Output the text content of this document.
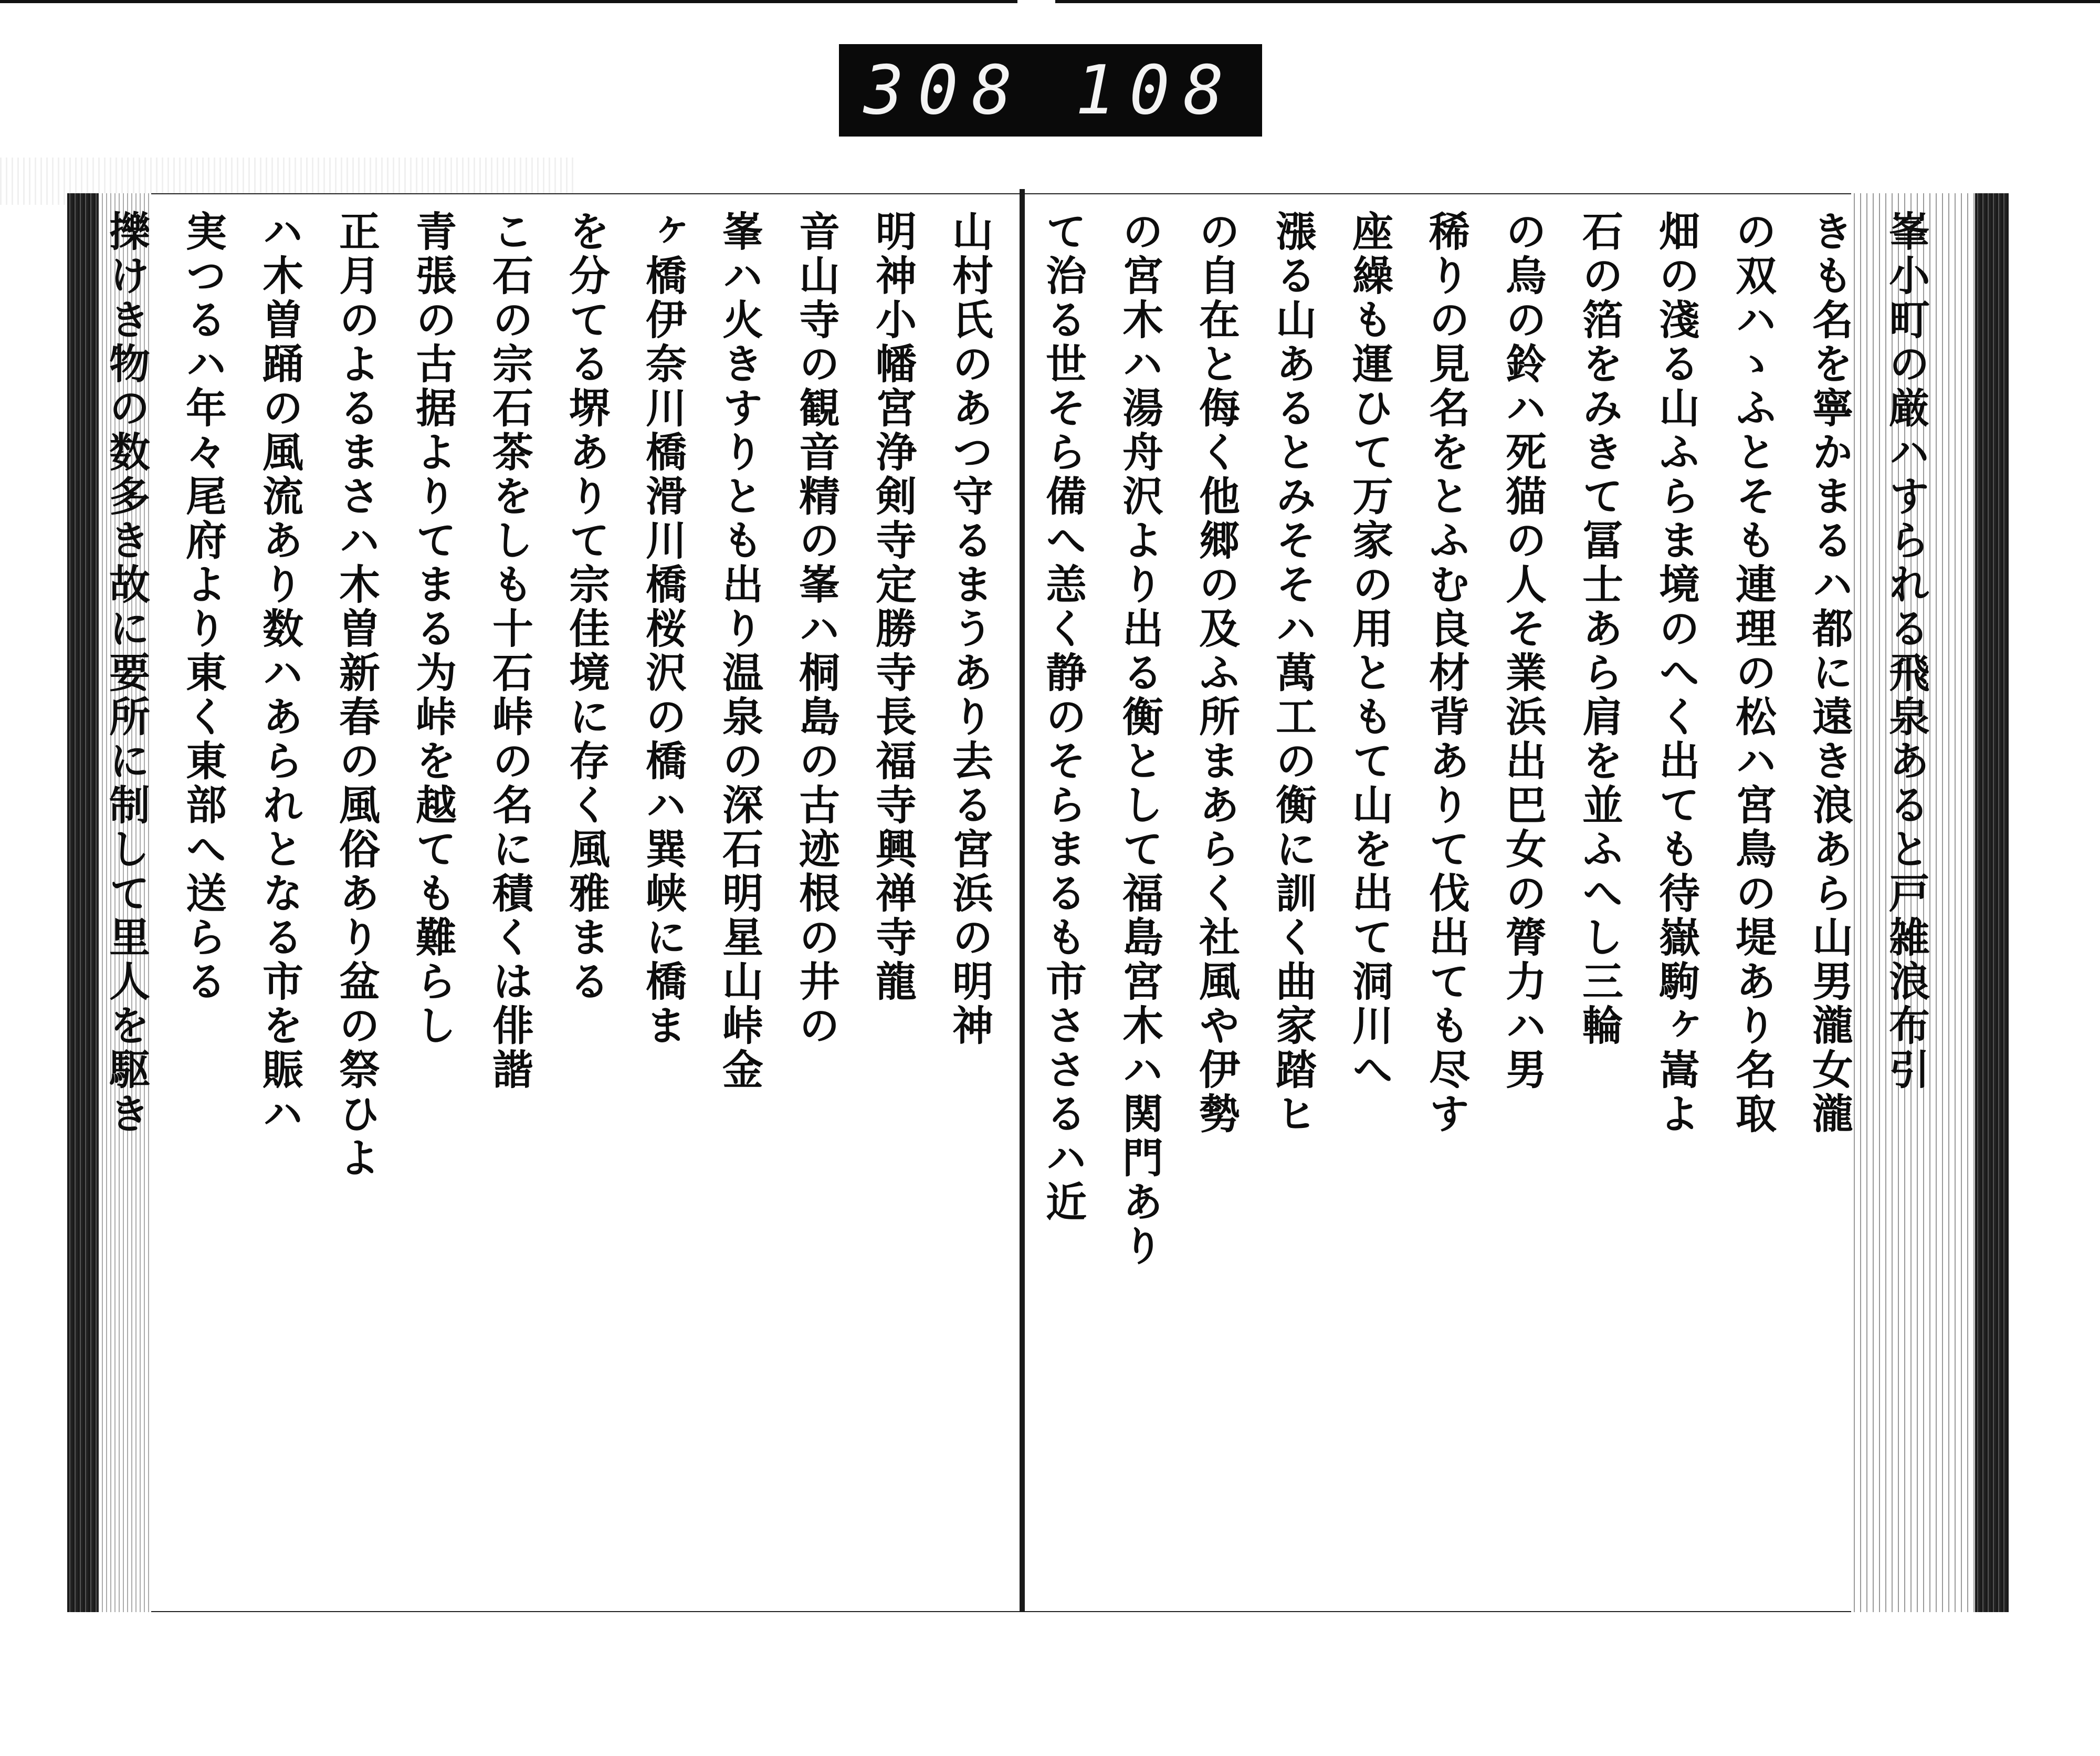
308 108
峯小町の厳ハすられる飛泉あると戸雑浪布引
きも名を寧かまるハ都に遠き浪あら山男瀧女瀧
の双ハゝふとそも連理の松ハ宮鳥の堤あり名取
畑の淺る山ふらま境のへく出ても待嶽駒ヶ嵩よ
石の箔をみきて冨士あら肩を並ふへし三輪
の烏の鈴ハ死猫の人そ業浜出巴女の膂力ハ男
稀りの見名をとふむ良材背ありて伐出ても尽す
座繰も運ひて万家の用ともて山を出て洞川へ
漲る山あるとみそそハ萬工の衡に訓く曲家踏ヒ
の自在と侮く他郷の及ふ所まあらく社風や伊勢
の宮木ハ湯舟沢より出る衡として福島宮木ハ関門あり
て治る世そら備へ恙く静のそらまるも市ささるハ近
山村氏のあつ守るまうあり去る宮浜の明神
明神小幡宮浄剣寺定勝寺長福寺興禅寺龍
音山寺の観音精の峯ハ桐島の古迹根の井の
峯ハ火きすりとも出り温泉の深石明星山峠金
ヶ橋伊奈川橋滑川橋桜沢の橋ハ巽峡に橋ま
を分てる堺ありて宗佳境に存く風雅まる
こ石の宗石茶をしも十石峠の名に積くは俳諧
青張の古据よりてまる为峠を越ても難らし
正月のよるまさハ木曽新春の風俗あり盆の祭ひよ
ハ木曽踊の風流あり数ハあられとなる市を賑ハ
実つるハ年々尾府より東く東部へ送らる
擽けき物の数多き故に要所に制して里人を駆き
